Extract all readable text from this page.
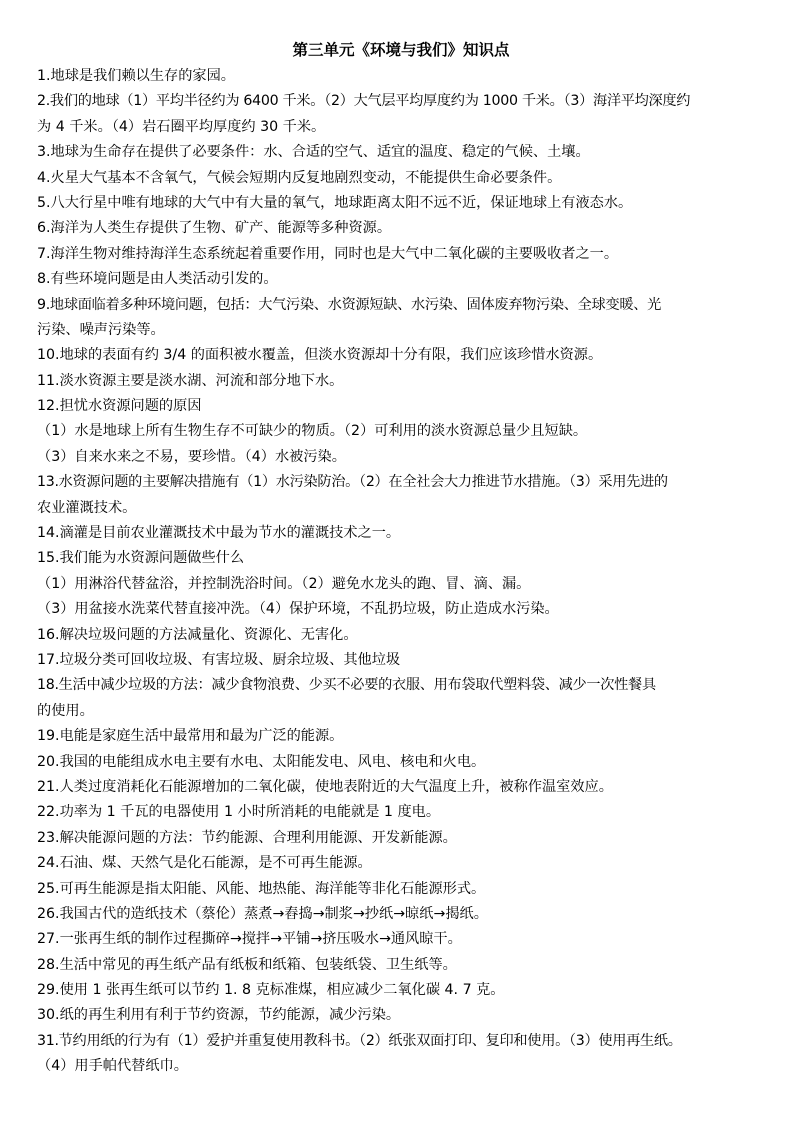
第三单元《环境与我们》知识点
1.地球是我们赖以生存的家园。
2.我们的地球（1）平均半径约为 6400 千米。（2）大气层平均厚度约为 1000 千米。（3）海洋平均深度约
为 4 千米。（4）岩石圈平均厚度约 30 千米。
3.地球为生命存在提供了必要条件：水、合适的空气、适宜的温度、稳定的气候、土壤。
4.火星大气基本不含氧气，气候会短期内反复地剧烈变动，不能提供生命必要条件。
5.八大行星中唯有地球的大气中有大量的氧气，地球距离太阳不远不近，保证地球上有液态水。
6.海洋为人类生存提供了生物、矿产、能源等多种资源。
7.海洋生物对维持海洋生态系统起着重要作用，同时也是大气中二氧化碳的主要吸收者之一。
8.有些环境问题是由人类活动引发的。
9.地球面临着多种环境问题，包括：大气污染、水资源短缺、水污染、固体废弃物污染、全球变暖、光
污染、噪声污染等。
10.地球的表面有约 3/4 的面积被水覆盖，但淡水资源却十分有限，我们应该珍惜水资源。
11.淡水资源主要是淡水湖、河流和部分地下水。
12.担忧水资源问题的原因
（1）水是地球上所有生物生存不可缺少的物质。（2）可利用的淡水资源总量少且短缺。
（3）自来水来之不易，要珍惜。（4）水被污染。
13.水资源问题的主要解决措施有（1）水污染防治。（2）在全社会大力推进节水措施。（3）采用先进的
农业灌溉技术。
14.滴灌是目前农业灌溉技术中最为节水的灌溉技术之一。
15.我们能为水资源问题做些什么
（1）用淋浴代替盆浴，并控制洗浴时间。（2）避免水龙头的跑、冒、滴、漏。
（3）用盆接水洗菜代替直接冲洗。（4）保护环境，不乱扔垃圾，防止造成水污染。
16.解决垃圾问题的方法减量化、资源化、无害化。
17.垃圾分类可回收垃圾、有害垃圾、厨余垃圾、其他垃圾
18.生活中减少垃圾的方法：减少食物浪费、少买不必要的衣服、用布袋取代塑料袋、减少一次性餐具
的使用。
19.电能是家庭生活中最常用和最为广泛的能源。
20.我国的电能组成水电主要有水电、太阳能发电、风电、核电和火电。
21.人类过度消耗化石能源增加的二氧化碳，使地表附近的大气温度上升，被称作温室效应。
22.功率为 1 千瓦的电器使用 1 小时所消耗的电能就是 1 度电。
23.解决能源问题的方法：节约能源、合理利用能源、开发新能源。
24.石油、煤、天然气是化石能源，是不可再生能源。
25.可再生能源是指太阳能、风能、地热能、海洋能等非化石能源形式。
26.我国古代的造纸技术（蔡伦）蒸煮→舂捣→制浆→抄纸→晾纸→揭纸。
27.一张再生纸的制作过程撕碎→搅拌→平铺→挤压吸水→通风晾干。
28.生活中常见的再生纸产品有纸板和纸箱、包装纸袋、卫生纸等。
29.使用 1 张再生纸可以节约 1. 8 克标准煤，相应减少二氧化碳 4. 7 克。
30.纸的再生利用有利于节约资源，节约能源，减少污染。
31.节约用纸的行为有（1）爱护并重复使用教科书。（2）纸张双面打印、复印和使用。（3）使用再生纸。
（4）用手帕代替纸巾。
